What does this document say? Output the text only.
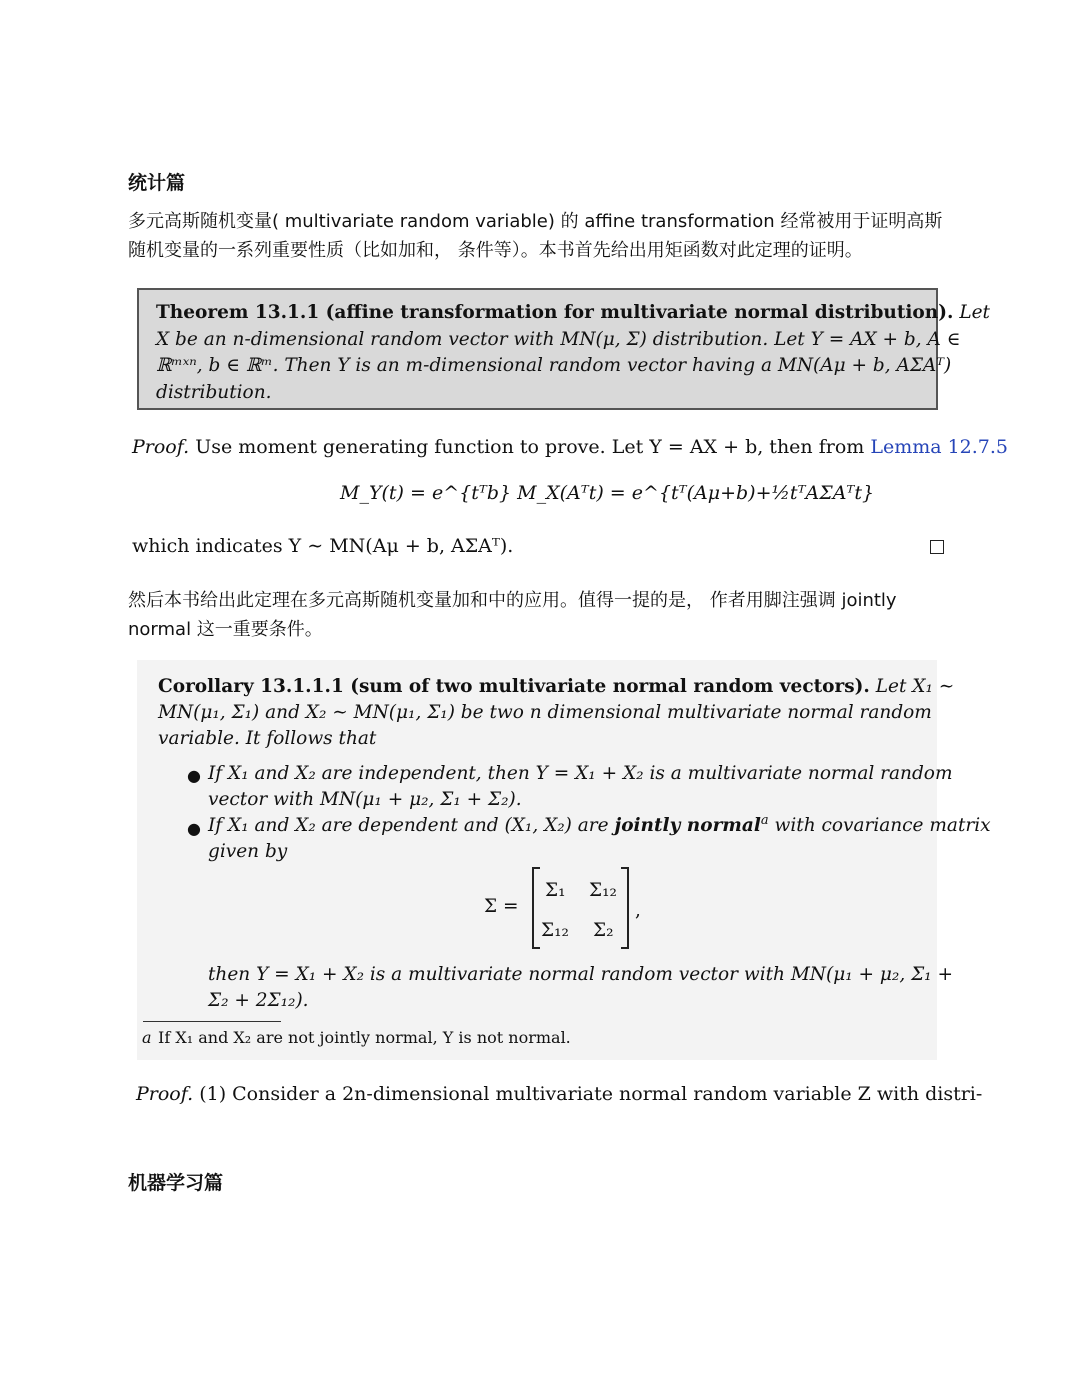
统计篇
多元高斯随机变量( multivariate random variable) 的 affine transformation 经常被用于证明高斯随机变量的一系列重要性质（比如加和， 条件等）。本书首先给出用矩函数对此定理的证明。
Theorem 13.1.1 (affine transformation for multivariate normal distribution). Let
X be an n-dimensional random vector with MN(μ, Σ) distribution. Let Y = AX + b, A ∈
ℝᵐˣⁿ, b ∈ ℝᵐ. Then Y is an m-dimensional random vector having a MN(Aμ + b, AΣAᵀ)
distribution.
Proof. Use moment generating function to prove. Let Y = AX + b, then from Lemma 12.7.5
M_Y(t) = e^{tᵀb} M_X(Aᵀt) = e^{tᵀ(Aμ+b)+½tᵀAΣAᵀt}
which indicates Y ∼ MN(Aμ + b, AΣAᵀ).
然后本书给出此定理在多元高斯随机变量加和中的应用。值得一提的是， 作者用脚注强调 jointly normal 这一重要条件。
Corollary 13.1.1.1 (sum of two multivariate normal random vectors). Let X₁ ∼
MN(μ₁, Σ₁) and X₂ ∼ MN(μ₁, Σ₁) be two n dimensional multivariate normal random
variable. It follows that
● If X₁ and X₂ are independent, then Y = X₁ + X₂ is a multivariate normal random
vector with MN(μ₁ + μ₂, Σ₁ + Σ₂).
● If X₁ and X₂ are dependent and (X₁, X₂) are jointly normal$^a$ with covariance matrix
given by
Σ =
Σ₁ Σ₁₂
Σ₁₂ Σ₂
,
then Y = X₁ + X₂ is a multivariate normal random vector with MN(μ₁ + μ₂, Σ₁ +
Σ₂ + 2Σ₁₂).
a If X₁ and X₂ are not jointly normal, Y is not normal.
Proof. (1) Consider a 2n-dimensional multivariate normal random variable Z with distri-
机器学习篇
